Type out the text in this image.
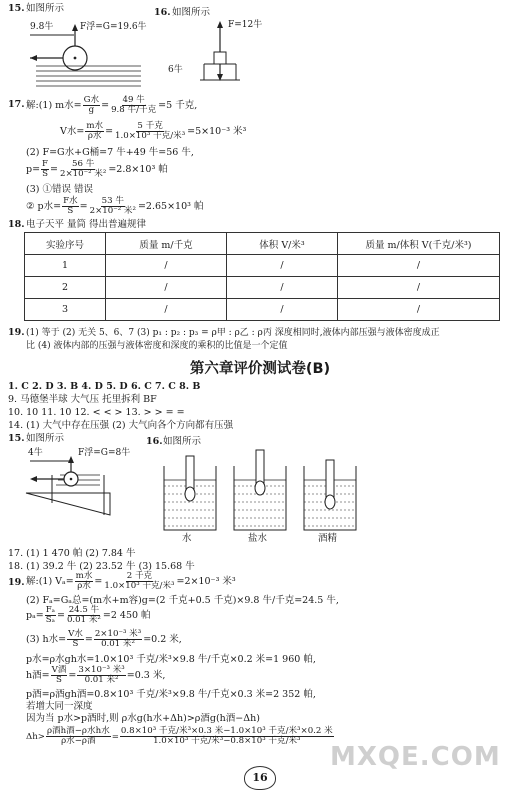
15. 如图所示
9.8牛	F浮=G=19.6牛
16. 如图所示
F=12牛
6牛
17. 解:(1) m水= $\frac{\text{G水}}{g} = \frac{\text{49 牛}}{\text{9.8 牛/千克}} =5$ 千克,
V水= $\frac{\text{m水}}{\text{ρ水}} = \frac{\text{5 千克}}{\text{1.0×10³ 千克/米³}} =5\times 10^{-3}$ 米³
(2) F=G水+G桶=7 牛+49 牛=56 牛,
$p= \frac{F}{S} = \frac{\text{56 牛}}{\text{2×10⁻² 米²}} =2.8\times 10^3$ 帕
(3) ①错误 错误
② p水= $\frac{\text{F水}}{S} = \frac{\text{53 牛}}{\text{2×10⁻² 米²}} =2.65\times 10^3$ 帕
18. 电子天平 量筒 得出普遍规律
实验序号	质量 m/千克	体积 V/米³	质量 m/体积 V(千克/米³)
1	/	/	/
2	/	/	/
3	/	/	/
19. (1) 等于 (2) 无关 5、6、7 (3) p₁ : p₂ : p₃ = ρ甲 : ρ乙 : ρ丙 深度相同时,液体内部压强与液体密度成正
比 (4) 液体内部的压强与液体密度和深度的乘积的比值是一个定值
第六章评价测试卷(B)
1. C 2. D 3. B 4. D 5. D 6. C 7. C 8. B
9. 马德堡半球 大气压 托里拆利 BF
10. 10 11. 10 12. < < > 13. > > = =
14. (1) 大气中存在压强 (2) 大气向各个方向都有压强
15. 如图所示
4牛	F浮=G=8牛
16. 如图所示
水	盐水	酒精
17. (1) 1 470 帕 (2) 7.84 牛
18. (1) 39.2 牛 (2) 23.52 牛 (3) 15.68 牛
19. 解:(1) $V_a= \frac{\text{m水}}{\text{ρ水}} = \frac{\text{2 千克}}{\text{1.0×10³ 千克/米³}} =2\times 10^{-3}$ 米³
(2) Fₐ=Gₐ总=(m水+m容)g=(2 千克+0.5 千克)×9.8 牛/千克=24.5 牛,
$p_a= \frac{\text{Fₐ}}{\text{Sₐ}} = \frac{\text{24.5 牛}}{\text{0.01 米²}} =2$ 450 帕
(3) h水= $\frac{\text{V水}}{S} = \frac{\text{2×10⁻³ 米³}}{\text{0.01 米²}} =0.2$ 米,
p水=ρ水gh水=1.0×10³ 千克/米³×9.8 牛/千克×0.2 米=1 960 帕,
h酒= $\frac{\text{V酒}}{S} = \frac{\text{3×10⁻³ 米³}}{\text{0.01 米²}} =0.3$ 米,
p酒=ρ酒gh酒=0.8×10³ 千克/米³×9.8 牛/千克×0.3 米=2 352 帕,
若增大同一深度
因为当 p水>p酒时,则 ρ水g(h水+Δh)>ρ酒g(h酒−Δh)
$\Delta h> \frac{\text{ρ酒h酒−ρ水h水}}{\text{ρ水−ρ酒}} = \frac{\text{0.8×10³ 千克/米³×0.3 米−1.0×10³ 千克/米³×0.2 米}}{\text{1.0×10³ 千克/米³−0.8×10³ 千克/米³}}$
MXQE.COM
16
